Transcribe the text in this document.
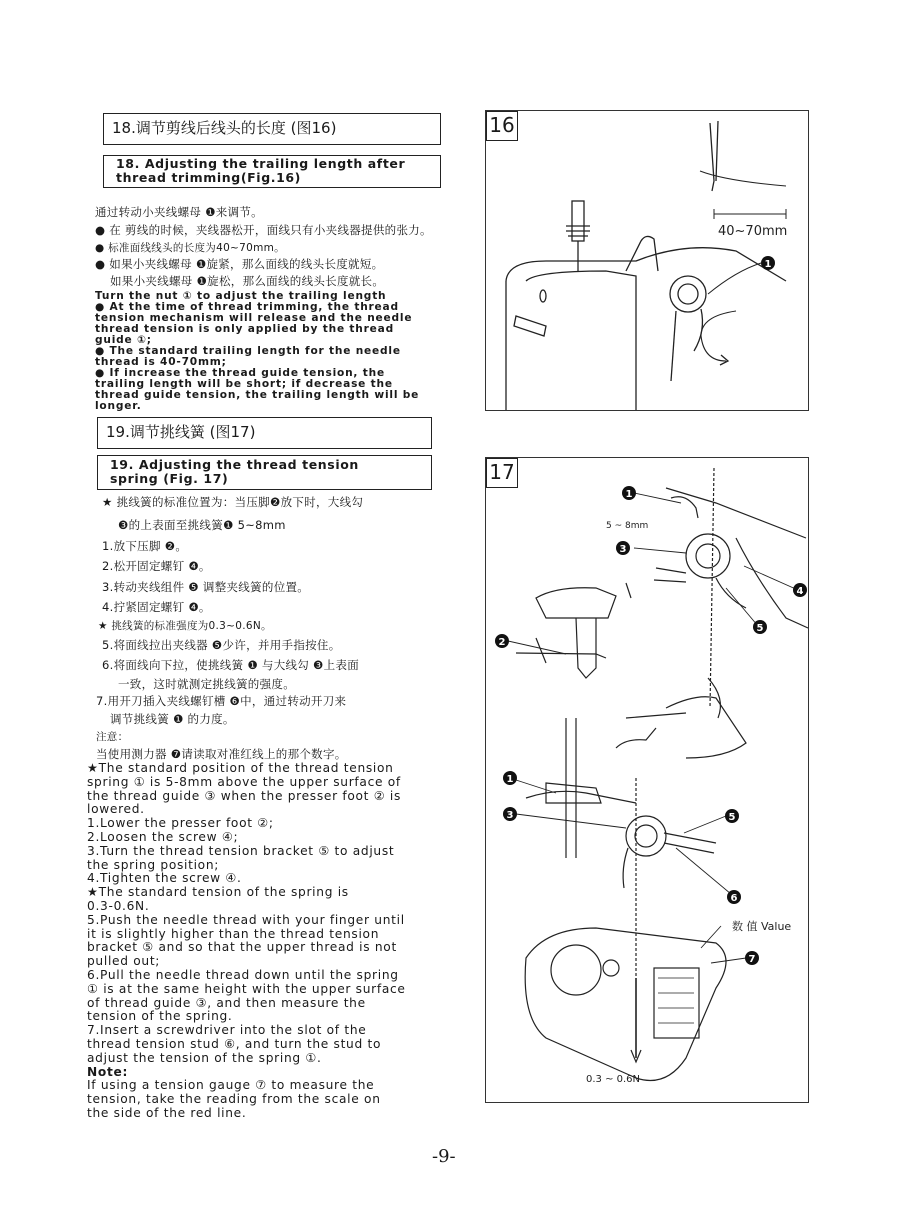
18.调节剪线后线头的长度 (图16)
18. Adjusting the trailing length after
thread trimming(Fig.16)
通过转动小夹线螺母 ❶来调节。
● 在 剪线的时候，夹线器松开，面线只有小夹线器提供的张力。
● 标准面线线头的长度为40~70mm。
● 如果小夹线螺母 ❶旋紧，那么面线的线头长度就短。
如果小夹线螺母 ❶旋松，那么面线的线头长度就长。
Turn the nut ① to adjust the trailing length
● At the time of thread trimming, the thread
tension mechanism will release and the needle
thread tension is only applied by the thread
guide ①;
● The standard trailing length for the needle
thread is 40-70mm;
● If increase the thread guide tension, the
trailing length will be short; if decrease the
thread guide tension, the trailing length will be
longer.
19.调节挑线簧 (图17)
19. Adjusting the thread tension
spring (Fig. 17)
★ 挑线簧的标准位置为：当压脚❷放下时，大线勾
❸的上表面至挑线簧❶ 5~8mm
1.放下压脚 ❷。
2.松开固定螺钉 ❹。
3.转动夹线组件 ❺ 调整夹线簧的位置。
4.拧紧固定螺钉 ❹。
★ 挑线簧的标准强度为0.3~0.6N。
5.将面线拉出夹线器 ❺少许，并用手指按住。
6.将面线向下拉，使挑线簧 ❶ 与大线勾 ❸上表面
一致，这时就测定挑线簧的强度。
7.用开刀插入夹线螺钉槽 ❻中，通过转动开刀来
调节挑线簧 ❶ 的力度。
注意：
当使用测力器 ❼请读取对准红线上的那个数字。
★The standard position of the thread tension
spring ① is 5-8mm above the upper surface of
the thread guide ③ when the presser foot ② is
lowered.
1.Lower the presser foot ②;
2.Loosen the screw ④;
3.Turn the thread tension bracket ⑤ to adjust
the spring position;
4.Tighten the screw ④.
★The standard tension of the spring is
0.3-0.6N.
5.Push the needle thread with your finger until
it is slightly higher than the thread tension
bracket ⑤ and so that the upper thread is not
pulled out;
6.Pull the needle thread down until the spring
① is at the same height with the upper surface
of thread guide ③, and then measure the
tension of the spring.
7.Insert a screwdriver into the slot of the
thread tension stud ⑥, and turn the stud to
adjust the tension of the spring ①.
Note:
If using a tension gauge ⑦ to measure the
tension, take the reading from the scale on
the side of the red line.
40~70mm
1
16
5 ~ 8mm
数 值 Value
0.3 ~ 0.6N
1
3
4
5
2
1
3	5
6
7
17
-9-
